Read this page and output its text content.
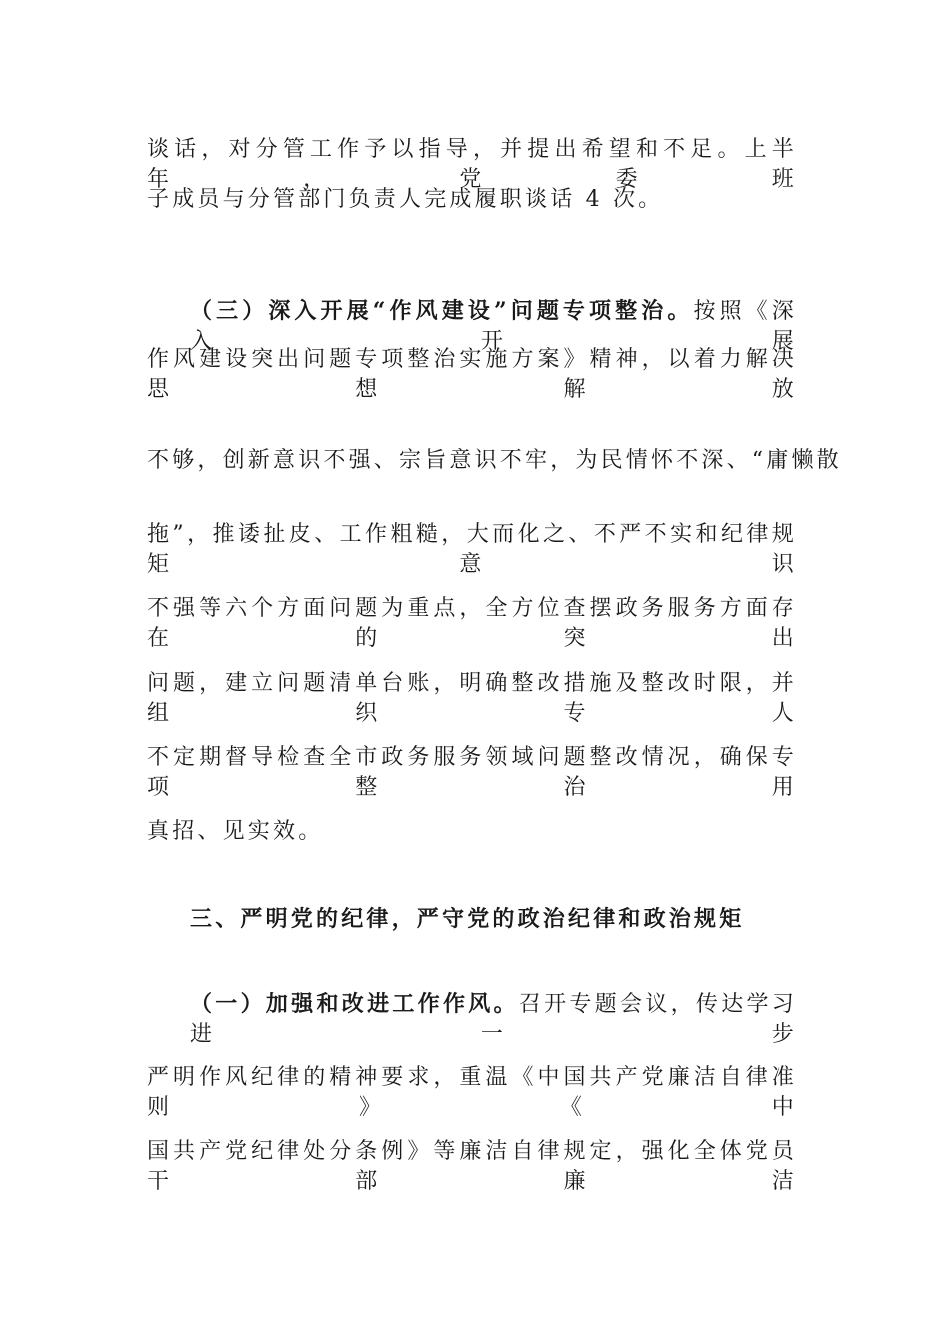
谈话，对分管工作予以指导，并提出希望和不足。上半年，党委班
子成员与分管部门负责人完成履职谈话 4 次。
（三）深入开展“作风建设”问题专项整治。按照《深入开展
作风建设突出问题专项整治实施方案》精神，以着力解决思想解放
不够，创新意识不强、宗旨意识不牢，为民情怀不深、“庸懒散
拖”，推诿扯皮、工作粗糙，大而化之、不严不实和纪律规矩意识
不强等六个方面问题为重点，全方位查摆政务服务方面存在的突出
问题，建立问题清单台账，明确整改措施及整改时限，并组织专人
不定期督导检查全市政务服务领域问题整改情况，确保专项整治用
真招、见实效。
三、严明党的纪律，严守党的政治纪律和政治规矩
（一）加强和改进工作作风。召开专题会议，传达学习进一步
严明作风纪律的精神要求，重温《中国共产党廉洁自律准则》《中
国共产党纪律处分条例》等廉洁自律规定，强化全体党员干部廉洁
